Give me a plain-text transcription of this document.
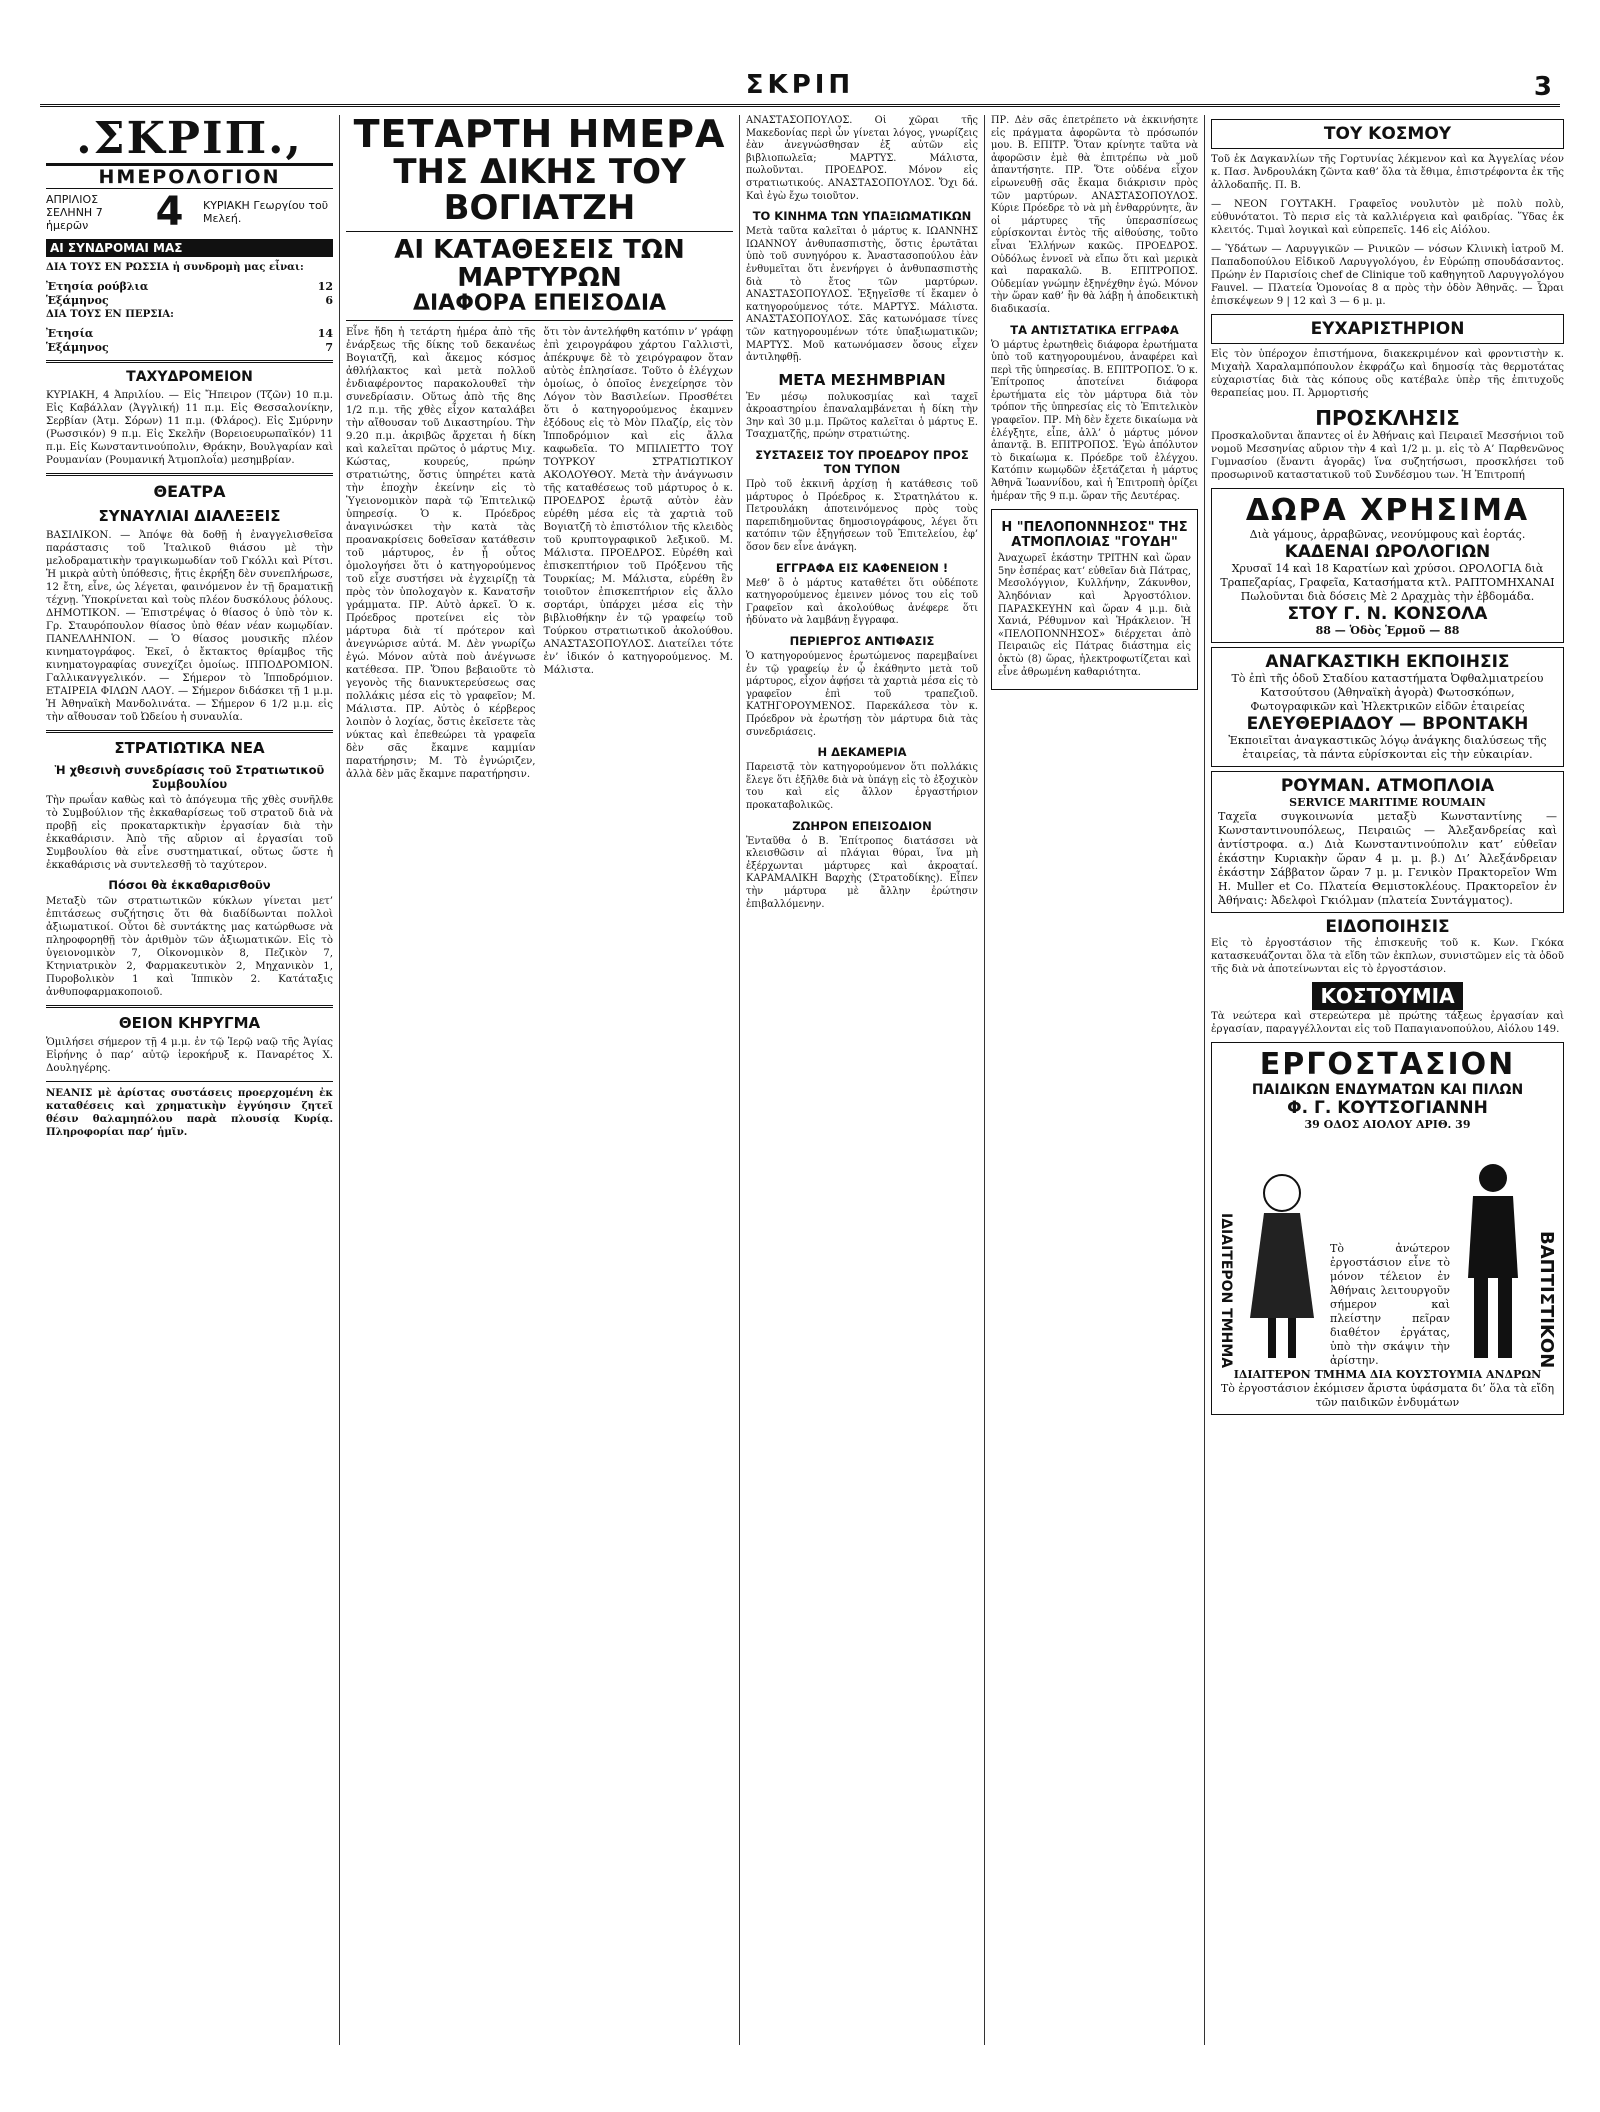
ΣΚΡΙΠ	3
.ΣΚΡΙΠ.,
ΗΜΕΡΟΛΟΓΙΟΝ
ΑΠΡΙΛΙΟΣ ΣΕΛΗΝΗ 7 ἡμερῶν	4 ΚΥΡΙΑΚΗ Γεωργίου τοῦ Μελεή.
ΑΙ ΣΥΝΔΡΟΜΑΙ ΜΑΣ
ΔΙΑ ΤΟΥΣ ΕΝ ΡΩΣΣΙΑ ἡ συνδρομὴ μας εἶναι:
Ἐτησία ρούβλια	12
Ἑξάμηνος	6
ΔΙΑ ΤΟΥΣ ΕΝ ΠΕΡΣΙΑ:
Ἐτησία	14
Ἑξάμηνος	7
ΤΑΧΥΔΡΟΜΕΙΟΝ

ΚΥΡΙΑΚΗ, 4 Ἀπριλίου. — Εἰς Ἤπειρον (Τζῶν) 10 π.μ. Εἰς Καβάλλαν (Ἀγγλική) 11 π.μ. Εἰς Θεσσαλονίκην, Σερβίαν (Ἀτμ. Σόρων) 11 π.μ. (Φλάρος). Εἰς Σμύρνην (Ρωσσικόν) 9 π.μ. Εἰς Σκελῆν (Βορειοευρωπαϊκόν) 11 π.μ. Εἰς Κωνσταντινούπολιν, Θράκην, Βουλγαρίαν καὶ Ρουμανίαν (Ρουμανική Ἀτμοπλοΐα) μεσημβρίαν.

ΘΕΑΤΡΑ
ΣΥΝΑΥΛΙΑΙ ΔΙΑΛΕΞΕΙΣ

ΒΑΣΙΛΙΚΟΝ. — Ἀπόψε θὰ δοθῇ ἡ ἐναγγελισθεῖσα παράστασις τοῦ Ἰταλικοῦ θιάσου μὲ τὴν μελοδραματικὴν τραγικωμωδίαν τοῦ Γκόλλι καὶ Ρίτσι. Ἡ μικρὰ αὐτὴ ὑπόθεσις, ἥτις ἐκρήξη δὲν συνεπλήρωσε, 12 ἔτη, εἶνε, ὡς λέγεται, φαινόμενον ἐν τῇ δραματικῇ τέχνῃ. Ὑποκρίνεται καὶ τοὺς πλέον δυσκόλους ῥόλους. ΔΗΜΟΤΙΚΟΝ. — Ἐπιστρέψας ὁ θίασος ὁ ὑπὸ τὸν κ. Γρ. Σταυρόπουλον θίασος ὑπὸ θέαν νέαν κωμῳδίαν. ΠΑΝΕΛΛΗΝΙΟΝ. — Ὁ θίασος μουσικῆς πλέον κινηματογράφος. Ἐκεῖ, ὁ ἔκτακτος θρίαμβος τῆς κινηματογραφίας συνεχίζει ὁμοίως. ΙΠΠΟΔΡΟΜΙΟΝ. Γαλλικανγγελικόν. — Σήμερον τὸ Ἱπποδρόμιον. ΕΤΑΙΡΕΙΑ ΦΙΛΩΝ ΛΑΟΥ. — Σήμερον διδάσκει τῇ 1 μ.μ. Ἡ Ἀθηναϊκὴ Μανδολινάτα. — Σήμερον 6 1/2 μ.μ. εἰς τὴν αἴθουσαν τοῦ Ὠδείου ἡ συναυλία.

ΣΤΡΑΤΙΩΤΙΚΑ ΝΕΑ
Ἡ χθεσινὴ συνεδρίασις τοῦ Στρατιωτικοῦ Συμβουλίου

Τὴν πρωΐαν καθὼς καὶ τὸ ἀπόγευμα τῆς χθὲς συνῆλθε τὸ Συμβούλιον τῆς ἐκκαθαρίσεως τοῦ στρατοῦ διὰ νὰ προβῇ εἰς προκαταρκτικὴν ἐργασίαν διὰ τὴν ἐκκαθάρισιν. Ἀπὸ τῆς αὔριον αἱ ἐργασίαι τοῦ Συμβουλίου θὰ εἶνε συστηματικαί, οὕτως ὥστε ἡ ἐκκαθάρισις νὰ συντελεσθῇ τὸ ταχύτερον.

Πόσοι θὰ ἐκκαθαρισθοῦν

Μεταξὺ τῶν στρατιωτικῶν κύκλων γίνεται μετ’ ἐπιτάσεως συζήτησις ὅτι θὰ διαδίδωνται πολλοὶ ἀξιωματικοί. Οὗτοι δὲ συντάκτης μας κατώρθωσε νὰ πληροφορηθῇ τὸν ἀριθμὸν τῶν ἀξιωματικῶν. Εἰς τὸ ὑγειονομικὸν 7, Οἰκονομικὸν 8, Πεζικὸν 7, Κτηνιατρικὸν 2, Φαρμακευτικὸν 2, Μηχανικὸν 1, Πυροβολικὸν 1 καὶ Ἱππικὸν 2. Κατάταξις ἀνθυποφαρμακοποιοῦ.

ΘΕΙΟΝ ΚΗΡΥΓΜΑ

Ὁμιλήσει σήμερον τῇ 4 μ.μ. ἐν τῷ Ἱερῷ ναῷ τῆς Ἁγίας Εἰρήνης ὁ παρ’ αὐτῷ ἱεροκήρυξ κ. Παναρέτος Χ. Δουληγέρης.

ΝΕΑΝΙΣ μὲ ἀρίστας συστάσεις προερχομένη ἐκ καταθέσεις καὶ χρηματικὴν ἐγγύησιν ζητεῖ θέσιν θαλαμηπόλου παρὰ πλουσίᾳ Κυρίᾳ. Πληροφορίαι παρ’ ἡμῖν.

ΤΕΤΑΡΤΗ ΗΜΕΡΑ
ΤΗΣ ΔΙΚΗΣ ΤΟΥ ΒΟΓΙΑΤΖΗ
ΑΙ ΚΑΤΑΘΕΣΕΙΣ ΤΩΝ ΜΑΡΤΥΡΩΝ
ΔΙΑΦΟΡΑ ΕΠΕΙΣΟΔΙΑ

Εἶνε ἤδη ἡ τετάρτη ἡμέρα ἀπὸ τῆς ἐνάρξεως τῆς δίκης τοῦ δεκανέως Βογιατζῆ, καὶ ἄκεμος κόσμος ἀθλήλακτος καὶ μετὰ πολλοῦ ἐνδιαφέροντος παρακολουθεῖ τὴν συνεδρίασιν. Οὕτως ἀπὸ τῆς 8ης 1/2 π.μ. τῆς χθὲς εἶχον καταλάβει τὴν αἴθουσαν τοῦ Δικαστηρίου. Τὴν 9.20 π.μ. ἀκριβῶς ἄρχεται ἡ δίκη καὶ καλεῖται πρῶτος ὁ μάρτυς Μιχ. Κώστας, κουρεύς, πρώην στρατιώτης, ὅστις ὑπηρέτει κατὰ τὴν ἐποχὴν ἐκείνην εἰς τὸ Ὑγειονομικὸν παρὰ τῷ Ἐπιτελικῷ ὑπηρεσίᾳ. Ὁ κ. Πρόεδρος ἀναγινώσκει τὴν κατὰ τὰς προανακρίσεις δοθεῖσαν κατάθεσιν τοῦ μάρτυρος, ἐν ᾗ οὗτος ὁμολογήσει ὅτι ὁ κατηγορούμενος τοῦ εἶχε συστήσει νὰ ἐγχειρίζῃ τὰ πρὸς τὸν ὑπολοχαγὸν κ. Κανατσῆν γράμματα. ΠΡ. Αὐτὸ ἀρκεῖ. Ὁ κ. Πρόεδρος προτείνει εἰς τὸν μάρτυρα διὰ τί πρότερον καὶ ἀνεγνώρισε αὐτά. Μ. Δὲν γνωρίζω ἐγώ. Μόνον αὐτὰ ποὺ ἀνέγνωσε κατέθεσα. ΠΡ. Ὅπου βεβαιοῦτε τὸ γεγονὸς τῆς διανυκτερεύσεως σας πολλάκις μέσα εἰς τὸ γραφεῖον; Μ. Μάλιστα. ΠΡ. Αὐτὸς ὁ κέρβερος λοιπὸν ὁ λοχίας, ὅστις ἐκεῖσετε τὰς νύκτας καὶ ἐπεθεώρει τὰ γραφεῖα δὲν σᾶς ἔκαμνε καμμίαν παρατήρησιν; Μ. Τὸ ἐγνώριζεν, ἀλλὰ δὲν μᾶς ἔκαμνε παρατήρησιν.

ὅτι τὸν ἀντελήφθη κατόπιν ν’ γράφῃ ἐπὶ χειρογράφου χάρτου Γαλλιστὶ, ἀπέκρυψε δὲ τὸ χειρόγραφον ὅταν αὐτὸς ἐπλησίασε. Τοῦτο ὁ ἐλέγχων ὁμοίως, ὁ ὁποῖος ἐνεχείρησε τὸν Λόγον τὸν Βασιλείων. Προσθέτει ὅτι ὁ κατηγορούμενος ἐκαμνεν ἐξόδους εἰς τὸ Μὸν Πλαζίρ, εἰς τὸν Ἱπποδρόμιον καὶ εἰς ἄλλα καφωδεῖα. ΤΟ ΜΠΙΛΙΕΤΤΟ ΤΟΥ ΤΟΥΡΚΟΥ ΣΤΡΑΤΙΩΤΙΚΟΥ ΑΚΟΛΟΥΘΟΥ. Μετὰ τὴν ἀνάγνωσιν τῆς καταθέσεως τοῦ μάρτυρος ὁ κ. ΠΡΟΕΔΡΟΣ ἐρωτᾷ αὐτὸν ἐὰν εὑρέθη μέσα εἰς τὰ χαρτιὰ τοῦ Βογιατζῆ τὸ ἐπιστόλιον τῆς κλειδὸς τοῦ κρυπτογραφικοῦ λεξικοῦ. Μ. Μάλιστα. ΠΡΟΕΔΡΟΣ. Εὑρέθη καὶ ἐπισκεπτήριον τοῦ Πρόξενου τῆς Τουρκίας; Μ. Μάλιστα, εὑρέθη ἓν τοιοῦτον ἐπισκεπτήριον εἰς ἄλλο σορτάρι, ὑπάρχει μέσα εἰς τὴν βιβλιοθήκην ἐν τῷ γραφείῳ τοῦ Τούρκου στρατιωτικοῦ ἀκολούθου. ΑΝΑΣΤΑΣΟΠΟΥΛΟΣ. Διατείλει τότε ἐν’ ἰδικόν ὁ κατηγορούμενος. Μ. Μάλιστα.

ΑΝΑΣΤΑΣΟΠΟΥΛΟΣ. Οἱ χῶραι τῆς Μακεδονίας περὶ ὧν γίνεται λόγος, γνωρίζεις ἐὰν ἀνεγνώσθησαν ἐξ αὐτῶν εἰς βιβλιοπωλεῖα; ΜΑΡΤΥΣ. Μάλιστα, πωλοῦνται. ΠΡΟΕΔΡΟΣ. Μόνον εἰς στρατιωτικούς. ΑΝΑΣΤΑΣΟΠΟΥΛΟΣ. Ὄχι δά. Καὶ ἐγὼ ἔχω τοιοῦτον.

ΤΟ ΚΙΝΗΜΑ ΤΩΝ ΥΠΑΞΙΩΜΑΤΙΚΩΝ

Μετὰ ταῦτα καλεῖται ὁ μάρτυς κ. ΙΩΑΝΝΗΣ ΙΩΑΝΝΟΥ ἀνθυπασπιστὴς, ὅστις ἐρωτᾶται ὑπὸ τοῦ συνηγόρου κ. Ἀναστασοπούλου ἐὰν ἐνθυμεῖται ὅτι ἐνενήργει ὁ ἀνθυπασπιστὴς διὰ τὸ ἔτος τῶν μαρτύρων. ΑΝΑΣΤΑΣΟΠΟΥΛΟΣ. Ἐξηγεῖσθε τί ἔκαμεν ὁ κατηγορούμενος τότε. ΜΑΡΤΥΣ. Μάλιστα. ΑΝΑΣΤΑΣΟΠΟΥΛΟΣ. Σᾶς κατωνόμασε τίνες τῶν κατηγορουμένων τότε ὑπαξιωματικῶν; ΜΑΡΤΥΣ. Μοῦ κατωνόμασεν ὅσους εἶχεν ἀντιληφθῇ.

ΜΕΤΑ ΜΕΣΗΜΒΡΙΑΝ

Ἐν μέσῳ πολυκοσμίας καὶ ταχεῖ ἀκροαστηρίου ἐπαναλαμβάνεται ἡ δίκη τὴν 3ην καὶ 30 μ.μ. Πρῶτος καλεῖται ὁ μάρτυς Ε. Τσαχματζῆς, πρώην στρατιώτης.

ΣΥΣΤΑΣΕΙΣ ΤΟΥ ΠΡΟΕΔΡΟΥ ΠΡΟΣ ΤΟΝ ΤΥΠΟΝ

Πρὸ τοῦ ἐκκινῆ ἀρχίσῃ ἡ κατάθεσις τοῦ μάρτυρος ὁ Πρόεδρος κ. Στρατηλάτου κ. Πετρουλάκη ἀποτεινόμενος πρὸς τοὺς παρεπιδημοῦντας δημοσιογράφους, λέγει ὅτι κατόπιν τῶν ἐξηγήσεων τοῦ Ἐπιτελείου, ἐφ’ ὅσον δεν εἶνε ἀνάγκη.

ΕΓΓΡΑΦΑ ΕΙΣ ΚΑΦΕΝΕΙΟΝ !

Μεθ’ ὃ ὁ μάρτυς καταθέτει ὅτι οὐδέποτε κατηγορούμενος ἐμεινεν μόνος του εἰς τοῦ Γραφεῖον καὶ ἀκολούθως ἀνέφερε ὅτι ἠδύνατο νὰ λαμβάνῃ ἔγγραφα.

ΠΕΡΙΕΡΓΟΣ ΑΝΤΙΦΑΣΙΣ

Ὁ κατηγορούμενος ἐρωτώμενος παρεμβαίνει ἐν τῷ γραφείῳ ἐν ᾧ ἐκάθηντο μετὰ τοῦ μάρτυρος, εἶχον ἀφῄσει τὰ χαρτιὰ μέσα εἰς τὸ γραφεῖον ἐπὶ τοῦ τραπεζιοῦ. ΚΑΤΗΓΟΡΟΥΜΕΝΟΣ. Παρεκάλεσα τὸν κ. Πρόεδρον νὰ ἐρωτήσῃ τὸν μάρτυρα διὰ τὰς συνεδριάσεις.

Η ΔΕΚΑΜΕΡΙΑ

Παρειστᾷ τὸν κατηγορούμενον ὅτι πολλάκις ἔλεγε ὅτι ἐξῆλθε διὰ νὰ ὑπάγῃ εἰς τὸ ἐξοχικὸν του καὶ εἰς ἄλλον ἐργαστήριον προκαταβολικῶς.

ΖΩΗΡΟΝ ΕΠΕΙΣΟΔΙΟΝ

Ἐνταῦθα ὁ Β. Ἐπίτροπος διατάσσει νὰ κλεισθῶσιν αἱ πλάγιαι θύραι, ἵνα μὴ ἐξέρχωνται μάρτυρες καὶ ἀκροαταί. ΚΑΡΑΜΑΛΙΚΗ Βαρχὴς (Στρατοδίκης). Εἶπεν τὴν μάρτυρα μὲ ἄλλην ἐρώτησιν ἐπιβαλλόμενην.

ΠΡ. Δὲν σᾶς ἐπετρέπετο νὰ ἐκκινήσητε εἰς πράγματα ἀφορῶντα τὸ πρόσωπόν μου. Β. ΕΠΙΤΡ. Ὅταν κρίνητε ταῦτα νὰ ἀφορῶσιν ἐμὲ θὰ ἐπιτρέπω νὰ μοῦ ἀπαντήσητε. ΠΡ. Ὅτε οὐδένα εἶχον εἰρωνευθῇ σᾶς ἔκαμα διάκρισιν πρὸς τῶν μαρτύρων. ΑΝΑΣΤΑΣΟΠΟΥΛΟΣ. Κύριε Πρόεδρε τὸ νὰ μὴ ἐνθαρρύνητε, ἂν οἱ μάρτυρες τῆς ὑπερασπίσεως εὑρίσκονται ἐντὸς τῆς αἰθούσης, τοῦτο εἶναι Ἑλλήνων κακῶς. ΠΡΟΕΔΡΟΣ. Οὐδόλως ἐννοεῖ νὰ εἴπω ὅτι καὶ μερικὰ καὶ παρακαλῶ. Β. ΕΠΙΤΡΟΠΟΣ. Οὐδεμίαν γνώμην ἐξηνέχθην ἐγώ. Μόνον τὴν ὥραν καθ’ ἣν θὰ λάβῃ ἡ ἀποδεικτικὴ διαδικασία.

ΤΑ ΑΝΤΙΣΤΑΤΙΚΑ ΕΓΓΡΑΦΑ

Ὁ μάρτυς ἐρωτηθεὶς διάφορα ἐρωτήματα ὑπὸ τοῦ κατηγορουμένου, ἀναφέρει καὶ περὶ τῆς ὑπηρεσίας. Β. ΕΠΙΤΡΟΠΟΣ. Ὁ κ. Ἐπίτροπος ἀποτείνει διάφορα ἐρωτήματα εἰς τὸν μάρτυρα διὰ τὸν τρόπον τῆς ὑπηρεσίας εἰς τὸ Ἐπιτελικὸν γραφεῖον. ΠΡ. Μὴ δὲν ἔχετε δικαίωμα νὰ ἐλέγξητε, εἶπε, ἀλλ’ ὁ μάρτυς μόνον ἀπαντᾷ. Β. ΕΠΙΤΡΟΠΟΣ. Ἐγὼ ἀπόλυτον τὸ δικαίωμα κ. Πρόεδρε τοῦ ἐλέγχου. Κατόπιν κωμῳδῶν ἐξετάζεται ἡ μάρτυς Ἀθηνᾶ Ἰωαννίδου, καὶ ἡ Ἐπιτροπὴ ὁρίζει ἡμέραν τῆς 9 π.μ. ὥραν τῆς Δευτέρας.

Η "ΠΕΛΟΠΟΝΝΗΣΟΣ" ΤΗΣ ΑΤΜΟΠΛΟΙΑΣ "ΓΟΥΔΗ"

Ἀναχωρεῖ ἑκάστην ΤΡΙΤΗΝ καὶ ὥραν 5ην ἑσπέρας κατ’ εὐθεῖαν διὰ Πάτρας, Μεσολόγγιον, Κυλλήνην, Ζάκυνθον, Ἀληδόνιαν καὶ Ἀργοστόλιον. ΠΑΡΑΣΚΕΥΗΝ καὶ ὥραν 4 μ.μ. διὰ Χανιά, Ρέθυμνον καὶ Ἡράκλειον. Ἡ «ΠΕΛΟΠΟΝΝΗΣΟΣ» διέρχεται ἀπὸ Πειραιῶς εἰς Πάτρας διάστημα εἰς ὀκτὼ (8) ὥρας, ἡλεκτροφωτίζεται καὶ εἶνε ἀθρωμένη καθαριότητα.

ΤΟΥ ΚΟΣΜΟΥ

Τοῦ ἐκ Δαγκανλίων τῆς Γορτυνίας λέκμενον καὶ κα Ἀγγελίας νέον κ. Πασ. Ἀνδρουλάκη ζῶντα καθ’ ὅλα τὰ ἔθιμα, ἐπιστρέφοντα ἐκ τῆς ἀλλοδαπῆς. Π. Β.

— ΝΕΟΝ ΓΟΥΤΑΚΗ. Γραφεῖος νουλυτὸν μὲ πολὺ πολὺ, εὐθυνότατοι. Τὸ περισ εἰς τὰ καλλιέργεια καὶ φαιδρίας. Ὕδας ἐκ κλειτός. Τιμαὶ λογικαὶ καὶ εὐπρεπεῖς. 146 εἰς Αἰόλου.

— Ὑδάτων — Λαρυγγικῶν — Ρινικῶν — νόσων Κλινικὴ ἰατροῦ Μ. Παπαδοπούλου Εἰδικοῦ Λαρυγγολόγου, ἐν Εὐρώπῃ σπουδάσαντος. Πρώην ἐν Παρισίοις chef de Clinique τοῦ καθηγητοῦ Λαρυγγολόγου Fauvel. — Πλατεία Ὁμονοίας 8 α πρὸς τὴν ὁδὸν Ἀθηνᾶς. — Ὧραι ἐπισκέψεων 9 | 12 καὶ 3 — 6 μ. μ.

ΕΥΧΑΡΙΣΤΗΡΙΟΝ

Εἰς τὸν ὑπέροχον ἐπιστήμονα, διακεκριμένον καὶ φροντιστὴν κ. Μιχαὴλ Χαραλαμπόπουλον ἐκφράζω καὶ δημοσίᾳ τὰς θερμοτάτας εὐχαριστίας διὰ τὰς κόπους οὓς κατέβαλε ὑπὲρ τῆς ἐπιτυχοῦς θεραπείας μου. Π. Ἀρμορτισής

ΠΡΟΣΚΛΗΣΙΣ

Προσκαλοῦνται ἅπαντες οἱ ἐν Ἀθήναις καὶ Πειραιεῖ Μεσσήνιοι τοῦ νομοῦ Μεσσηνίας αὔριον τὴν 4 καὶ 1/2 μ. μ. εἰς τὸ Α’ Παρθενῶνος Γυμνασίου (ἔναντι ἀγορᾶς) ἵνα συζητήσωσι, προσκλήσει τοῦ προσωρινοῦ καταστατικοῦ τοῦ Συνδέσμου των. Ἡ Ἐπιτροπή

ΔΩΡΑ ΧΡΗΣΙΜΑ
Διὰ γάμους, ἀρραβῶνας, νεονύμφους καὶ ἑορτάς.
ΚΑΔΕΝΑΙ ΩΡΟΛΟΓΙΩΝ
Χρυσαῖ 14 καὶ 18 Καρατίων καὶ χρύσοι. ΩΡΟΛΟΓΙΑ διὰ Τραπεζαρίας, Γραφεῖα, Κατασήματα κτλ. ΡΑΠΤΟΜΗΧΑΝΑΙ Πωλοῦνται διὰ δόσεις Μὲ 2 Δραχμὰς τὴν ἑβδομάδα.
ΣΤΟΥ Γ. Ν. ΚΟΝΣΟΛΑ
88 — Ὁδὸς Ἑρμοῦ — 88
ΑΝΑΓΚΑΣΤΙΚΗ ΕΚΠΟΙΗΣΙΣ
Τὸ ἐπὶ τῆς ὁδοῦ Σταδίου καταστήματα Ὀφθαλμιατρείου Κατσούτσου (Ἀθηναϊκὴ ἀγορὰ) Φωτοσκόπων, Φωτογραφικῶν καὶ Ἠλεκτρικῶν εἰδῶν ἐταιρείας
ΕΛΕΥΘΕΡΙΑΔΟΥ — ΒΡΟΝΤΑΚΗ
Ἐκποιεῖται ἀναγκαστικῶς λόγῳ ἀνάγκης διαλύσεως τῆς ἐταιρείας, τὰ πάντα εὑρίσκονται εἰς τὴν εὐκαιρίαν.
ΡΟΥΜΑΝ. ΑΤΜΟΠΛΟΙΑ
SERVICE MARITIME ROUMAIN
Ταχεῖα συγκοινωνία μεταξὺ Κωνσταντίνης — Κωνσταντινουπόλεως, Πειραιῶς — Ἀλεξανδρείας καὶ ἀντίστροφα. α.) Διὰ Κωνσταντινούπολιν κατ’ εὐθεῖαν ἑκάστην Κυριακὴν ὥραν 4 μ. μ. β.) Δι’ Ἀλεξάνδρειαν ἑκάστην Σάββατον ὥραν 7 μ. μ. Γενικὸν Πρακτορεῖον Wm H. Muller et Co. Πλατεία Θεμιστοκλέους. Πρακτορεῖον ἐν Ἀθήναις: Ἀδελφοὶ Γκιόλμαν (πλατεία Συντάγματος).
ΕΙΔΟΠΟΙΗΣΙΣ

Εἰς τὸ ἐργοστάσιον τῆς ἐπισκευῆς τοῦ κ. Κων. Γκόκα κατασκευάζονται ὅλα τὰ εἴδη τῶν ἐκπλων, συνιστῶμεν εἰς τὰ ὁδοῦ τῆς διὰ νὰ ἀποτείνωνται εἰς τὸ ἐργοστάσιον.

ΚΟΣΤΟΥΜΙΑ

Τὰ νεώτερα καὶ στερεώτερα μὲ πρώτης τάξεως ἐργασίαν καὶ ἐργασίαν, παραγγέλλονται εἰς τοῦ Παπαγιανοπούλου, Αἰόλου 149.

ΕΡΓΟΣΤΑΣΙΟΝ
ΠΑΙΔΙΚΩΝ ΕΝΔΥΜΑΤΩΝ ΚΑΙ ΠΙΛΩΝ
Φ. Γ. ΚΟΥΤΣΟΓΙΑΝΝΗ
39 ΟΔΟΣ ΑΙΟΛΟΥ ΑΡΙΘ. 39
ΙΔΙΑΙΤΕΡΟΝ ΤΜΗΜΑ	Τὸ ἀνώτερον ἐργοστάσιον εἶνε τὸ μόνον τέλειον ἐν Ἀθήναις λειτουργοῦν σήμερον καὶ πλείστην πεῖραν διαθέτον ἐργάτας, ὑπὸ τὴν σκάψιν τὴν ἀρίστην.	ΒΑΠΤΙΣΤΙΚΟΝ
ΙΔΙΑΙΤΕΡΟΝ ΤΜΗΜΑ ΔΙΑ ΚΟΥΣΤΟΥΜΙΑ ΑΝΔΡΩΝ
Τὸ ἐργοστάσιον ἐκόμισεν ἄριστα ὑφάσματα δι’ ὅλα τὰ εἴδη τῶν παιδικῶν ἐνδυμάτων
